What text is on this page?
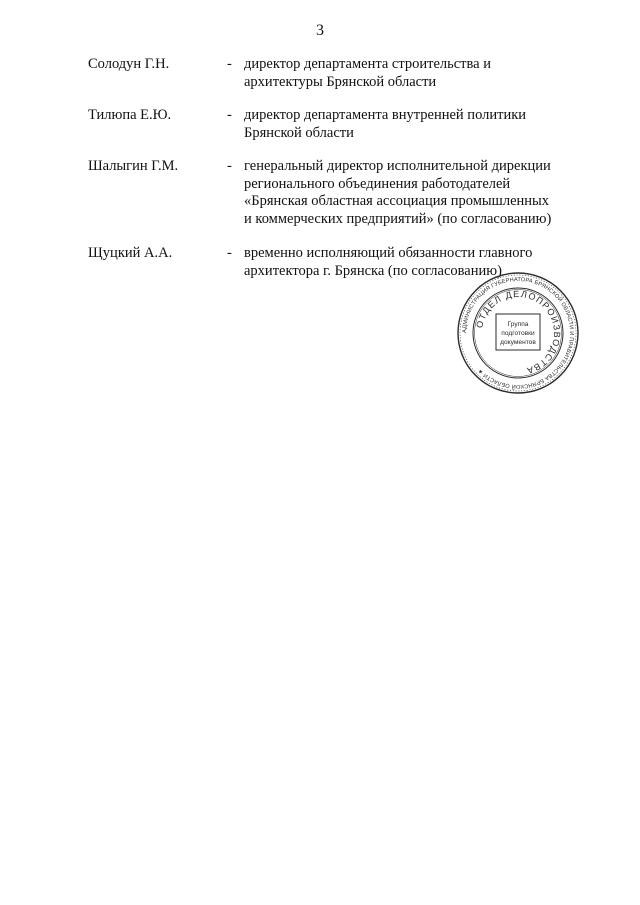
3
Солодун Г.Н.	- директор департамента строительства и
архитектуры Брянской области
Тилюпа Е.Ю.	- директор департамента внутренней политики
Брянской области
Шалыгин Г.М.	- генеральный директор исполнительной дирекции
регионального объединения работодателей
«Брянская областная ассоциация промышленных
и коммерческих предприятий» (по согласованию)
Щуцкий А.А.	- временно исполняющий обязанности главного
архитектора г. Брянска (по согласованию)
АДМИНИСТРАЦИЯ ГУБЕРНАТОРА БРЯНСКОЙ ОБЛАСТИ И ПРАВИТЕЛЬСТВА БРЯНСКОЙ ОБЛАСТИ ★
ОТДЕЛ ДЕЛОПРОИЗВОДСТВА
Группа
подготовки
документов
